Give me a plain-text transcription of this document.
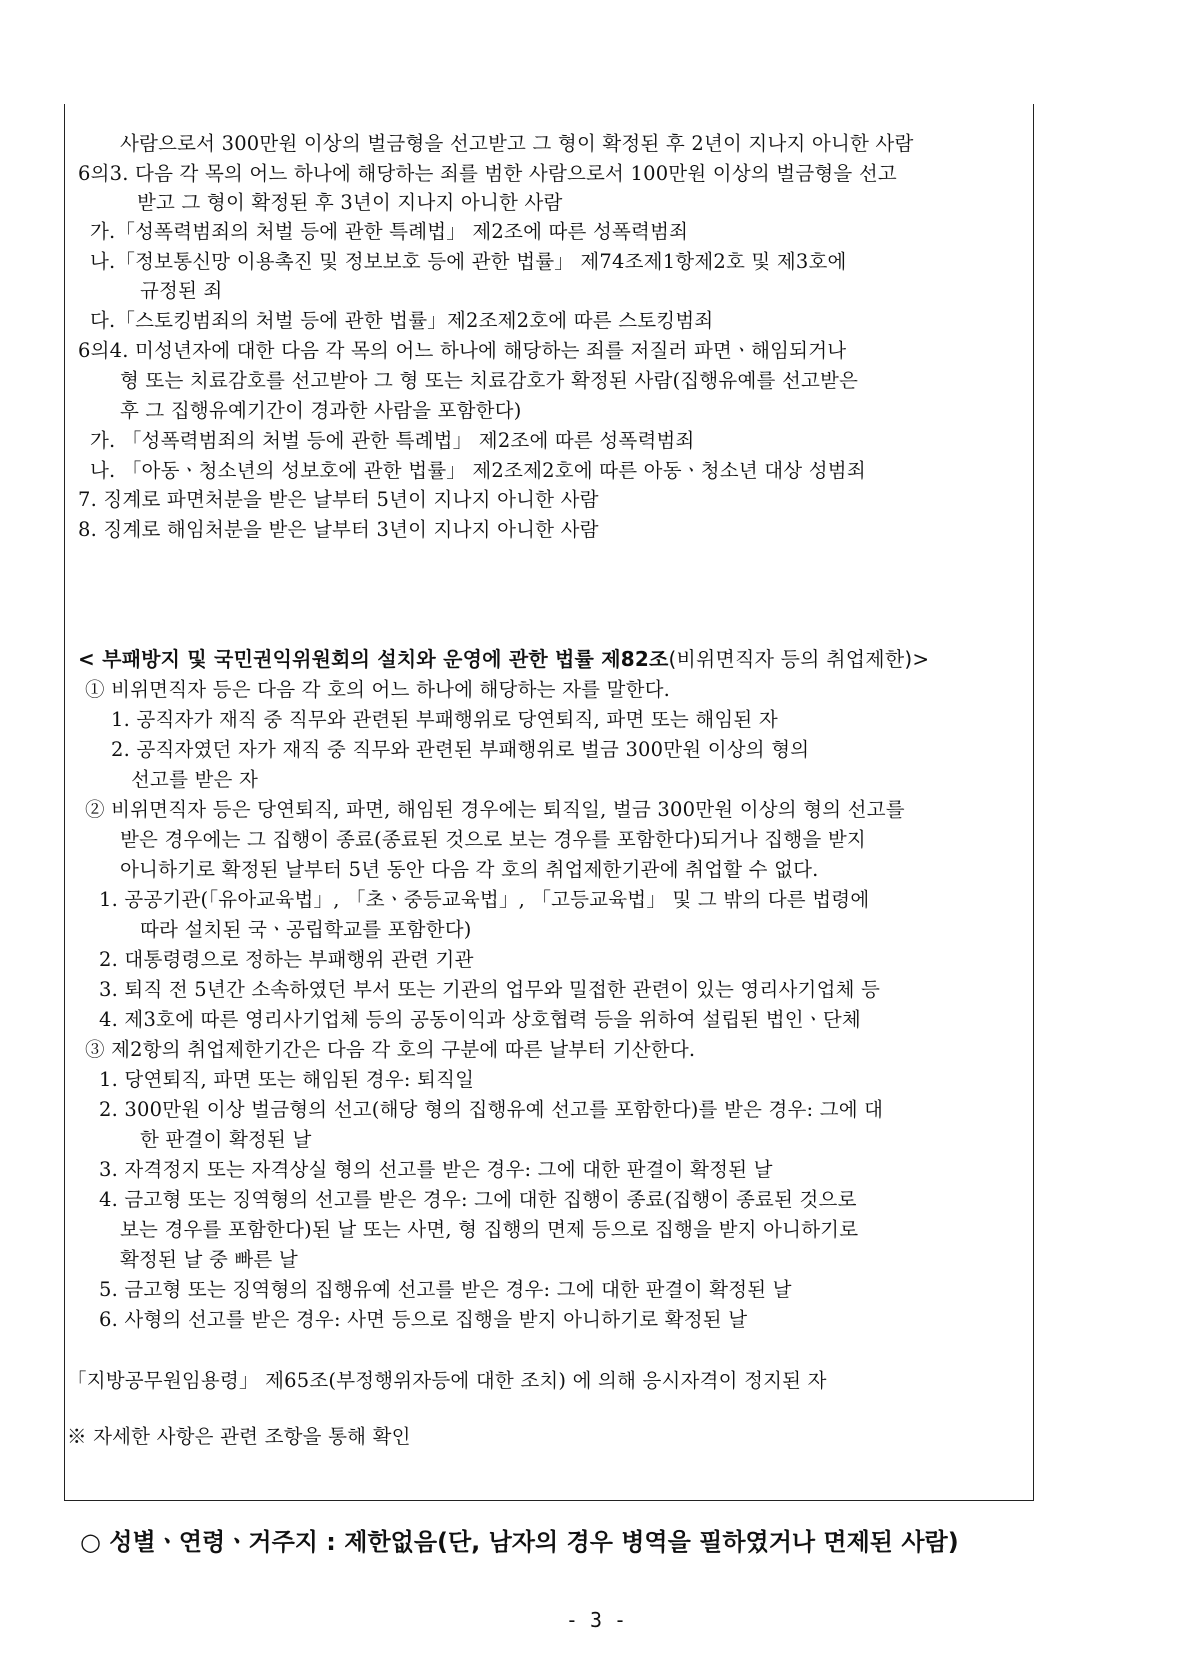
사람으로서 300만원 이상의 벌금형을 선고받고 그 형이 확정된 후 2년이 지나지 아니한 사람
6의3. 다음 각 목의 어느 하나에 해당하는 죄를 범한 사람으로서 100만원 이상의 벌금형을 선고
받고 그 형이 확정된 후 3년이 지나지 아니한 사람
가.「성폭력범죄의 처벌 등에 관한 특례법」 제2조에 따른 성폭력범죄
나.「정보통신망 이용촉진 및 정보보호 등에 관한 법률」 제74조제1항제2호 및 제3호에
규정된 죄
다.「스토킹범죄의 처벌 등에 관한 법률」제2조제2호에 따른 스토킹범죄
6의4. 미성년자에 대한 다음 각 목의 어느 하나에 해당하는 죄를 저질러 파면ㆍ해임되거나
형 또는 치료감호를 선고받아 그 형 또는 치료감호가 확정된 사람(집행유예를 선고받은
후 그 집행유예기간이 경과한 사람을 포함한다)
가. 「성폭력범죄의 처벌 등에 관한 특례법」 제2조에 따른 성폭력범죄
나. 「아동ㆍ청소년의 성보호에 관한 법률」 제2조제2호에 따른 아동ㆍ청소년 대상 성범죄
7. 징계로 파면처분을 받은 날부터 5년이 지나지 아니한 사람
8. 징계로 해임처분을 받은 날부터 3년이 지나지 아니한 사람
< 부패방지 및 국민권익위원회의 설치와 운영에 관한 법률 제82조(비위면직자 등의 취업제한)>
① 비위면직자 등은 다음 각 호의 어느 하나에 해당하는 자를 말한다.
1. 공직자가 재직 중 직무와 관련된 부패행위로 당연퇴직, 파면 또는 해임된 자
2. 공직자였던 자가 재직 중 직무와 관련된 부패행위로 벌금 300만원 이상의 형의
선고를 받은 자
② 비위면직자 등은 당연퇴직, 파면, 해임된 경우에는 퇴직일, 벌금 300만원 이상의 형의 선고를
받은 경우에는 그 집행이 종료(종료된 것으로 보는 경우를 포함한다)되거나 집행을 받지
아니하기로 확정된 날부터 5년 동안 다음 각 호의 취업제한기관에 취업할 수 없다.
1. 공공기관(「유아교육법」, 「초ㆍ중등교육법」, 「고등교육법」 및 그 밖의 다른 법령에
따라 설치된 국ㆍ공립학교를 포함한다)
2. 대통령령으로 정하는 부패행위 관련 기관
3. 퇴직 전 5년간 소속하였던 부서 또는 기관의 업무와 밀접한 관련이 있는 영리사기업체 등
4. 제3호에 따른 영리사기업체 등의 공동이익과 상호협력 등을 위하여 설립된 법인ㆍ단체
③ 제2항의 취업제한기간은 다음 각 호의 구분에 따른 날부터 기산한다.
1. 당연퇴직, 파면 또는 해임된 경우: 퇴직일
2. 300만원 이상 벌금형의 선고(해당 형의 집행유예 선고를 포함한다)를 받은 경우: 그에 대
한 판결이 확정된 날
3. 자격정지 또는 자격상실 형의 선고를 받은 경우: 그에 대한 판결이 확정된 날
4. 금고형 또는 징역형의 선고를 받은 경우: 그에 대한 집행이 종료(집행이 종료된 것으로
보는 경우를 포함한다)된 날 또는 사면, 형 집행의 면제 등으로 집행을 받지 아니하기로
확정된 날 중 빠른 날
5. 금고형 또는 징역형의 집행유예 선고를 받은 경우: 그에 대한 판결이 확정된 날
6. 사형의 선고를 받은 경우: 사면 등으로 집행을 받지 아니하기로 확정된 날
「지방공무원임용령」 제65조(부정행위자등에 대한 조치) 에 의해 응시자격이 정지된 자
※ 자세한 사항은 관련 조항을 통해 확인
○ 성별ㆍ연령ㆍ거주지 : 제한없음(단, 남자의 경우 병역을 필하였거나 면제된 사람)
- 3 -
